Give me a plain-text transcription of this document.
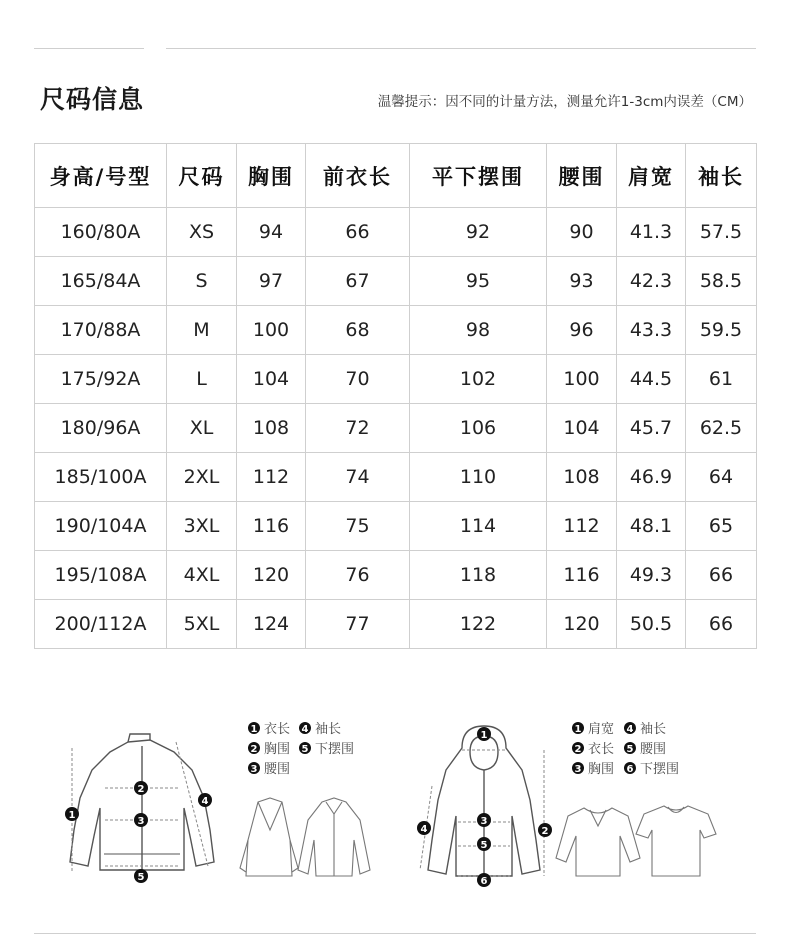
尺码信息	温馨提示：因不同的计量方法，测量允许1-3cm内误差（CM）
身高/号型	尺码	胸围	前衣长	平下摆围	腰围	肩宽	袖长
160/80A	XS	94	66	92	90	41.3	57.5
165/84A	S	97	67	95	93	42.3	58.5
170/88A	M	100	68	98	96	43.3	59.5
175/92A	L	104	70	102	100	44.5	61
180/96A	XL	108	72	106	104	45.7	62.5
185/100A	2XL	112	74	110	108	46.9	64
190/104A	3XL	116	75	114	112	48.1	65
195/108A	4XL	120	76	118	116	49.3	66
200/112A	5XL	124	77	122	120	50.5	66
1
2
3
4
5
1 衣长 4 袖长
2 胸围 5 下摆围
3 腰围
1
2
3
4
5
6
1 肩宽 4 袖长
2 衣长 5 腰围
3 胸围 6 下摆围
